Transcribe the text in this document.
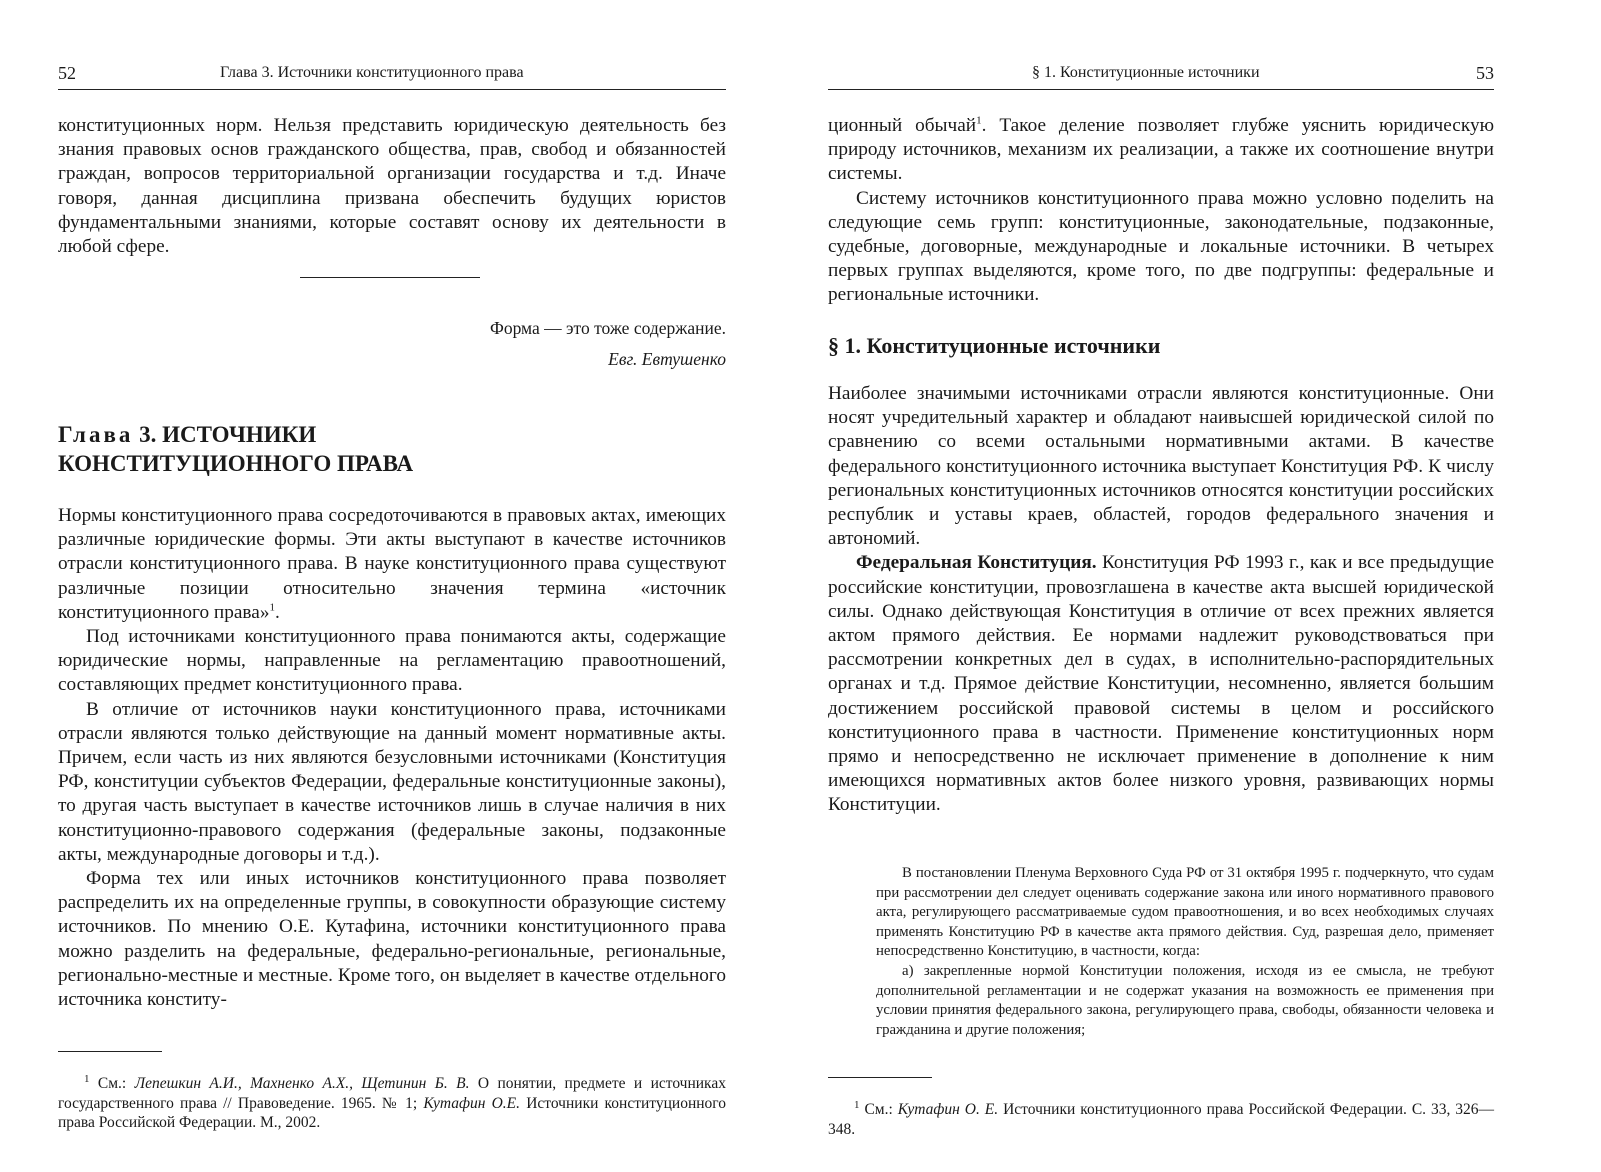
52	Глава 3. Источники конституционного права

конституционных норм. Нельзя представить юридическую деятельность без знания правовых основ гражданского общества, прав, свобод и обязанностей граждан, вопросов территориальной организации государства и т.д. Иначе говоря, данная дисциплина призвана обеспечить будущих юристов фундаментальными знаниями, которые составят основу их деятельности в любой сфере.

Форма — это тоже содержание.
Евг. Евтушенко
Глава 3. ИСТОЧНИКИ
КОНСТИТУЦИОННОГО ПРАВА

Нормы конституционного права сосредоточиваются в правовых актах, имеющих различные юридические формы. Эти акты выступают в качестве источников отрасли конституционного права. В науке конституционного права существуют различные позиции относительно значения термина «источник конституционного права»$^1$.

Под источниками конституционного права понимаются акты, содержащие юридические нормы, направленные на регламентацию правоотношений, составляющих предмет конституционного права.

В отличие от источников науки конституционного права, источниками отрасли являются только действующие на данный момент нормативные акты. Причем, если часть из них являются безусловными источниками (Конституция РФ, конституции субъектов Федерации, федеральные конституционные законы), то другая часть выступает в качестве источников лишь в случае наличия в них конституционно-правового содержания (федеральные законы, подзаконные акты, международные договоры и т.д.).

Форма тех или иных источников конституционного права позволяет распределить их на определенные группы, в совокупности образующие систему источников. По мнению О.Е. Кутафина, источники конституционного права можно разделить на федеральные, федерально-региональные, региональные, регионально-местные и местные. Кроме того, он выделяет в качестве отдельного источника конститу-

$^1$ См.: Лепешкин А.И., Махненко А.Х., Щетинин Б. В. О понятии, предмете и источниках государственного права // Правоведение. 1965. № 1; Кутафин О.Е. Источники конституционного права Российской Федерации. М., 2002.

§ 1. Конституционные источники	53

ционный обычай$^1$. Такое деление позволяет глубже уяснить юридическую природу источников, механизм их реализации, а также их соотношение внутри системы.

Систему источников конституционного права можно условно поделить на следующие семь групп: конституционные, законодательные, подзаконные, судебные, договорные, международные и локальные источники. В четырех первых группах выделяются, кроме того, по две подгруппы: федеральные и региональные источники.

§ 1. Конституционные источники

Наиболее значимыми источниками отрасли являются конституционные. Они носят учредительный характер и обладают наивысшей юридической силой по сравнению со всеми остальными нормативными актами. В качестве федерального конституционного источника выступает Конституция РФ. К числу региональных конституционных источников относятся конституции российских республик и уставы краев, областей, городов федерального значения и автономий.

Федеральная Конституция. Конституция РФ 1993 г., как и все предыдущие российские конституции, провозглашена в качестве акта высшей юридической силы. Однако действующая Конституция в отличие от всех прежних является актом прямого действия. Ее нормами надлежит руководствоваться при рассмотрении конкретных дел в судах, в исполнительно-распорядительных органах и т.д. Прямое действие Конституции, несомненно, является большим достижением российской правовой системы в целом и российского конституционного права в частности. Применение конституционных норм прямо и непосредственно не исключает применение в дополнение к ним имеющихся нормативных актов более низкого уровня, развивающих нормы Конституции.

В постановлении Пленума Верховного Суда РФ от 31 октября 1995 г. подчеркнуто, что судам при рассмотрении дел следует оценивать содержание закона или иного нормативного правового акта, регулирующего рассматриваемые судом правоотношения, и во всех необходимых случаях применять Конституцию РФ в качестве акта прямого действия. Суд, разрешая дело, применяет непосредственно Конституцию, в частности, когда:

а) закрепленные нормой Конституции положения, исходя из ее смысла, не требуют дополнительной регламентации и не содержат указания на возможность ее применения при условии принятия федерального закона, регулирующего права, свободы, обязанности человека и гражданина и другие положения;

$^1$ См.: Кутафин О. Е. Источники конституционного права Российской Федерации. С. 33, 326—348.
